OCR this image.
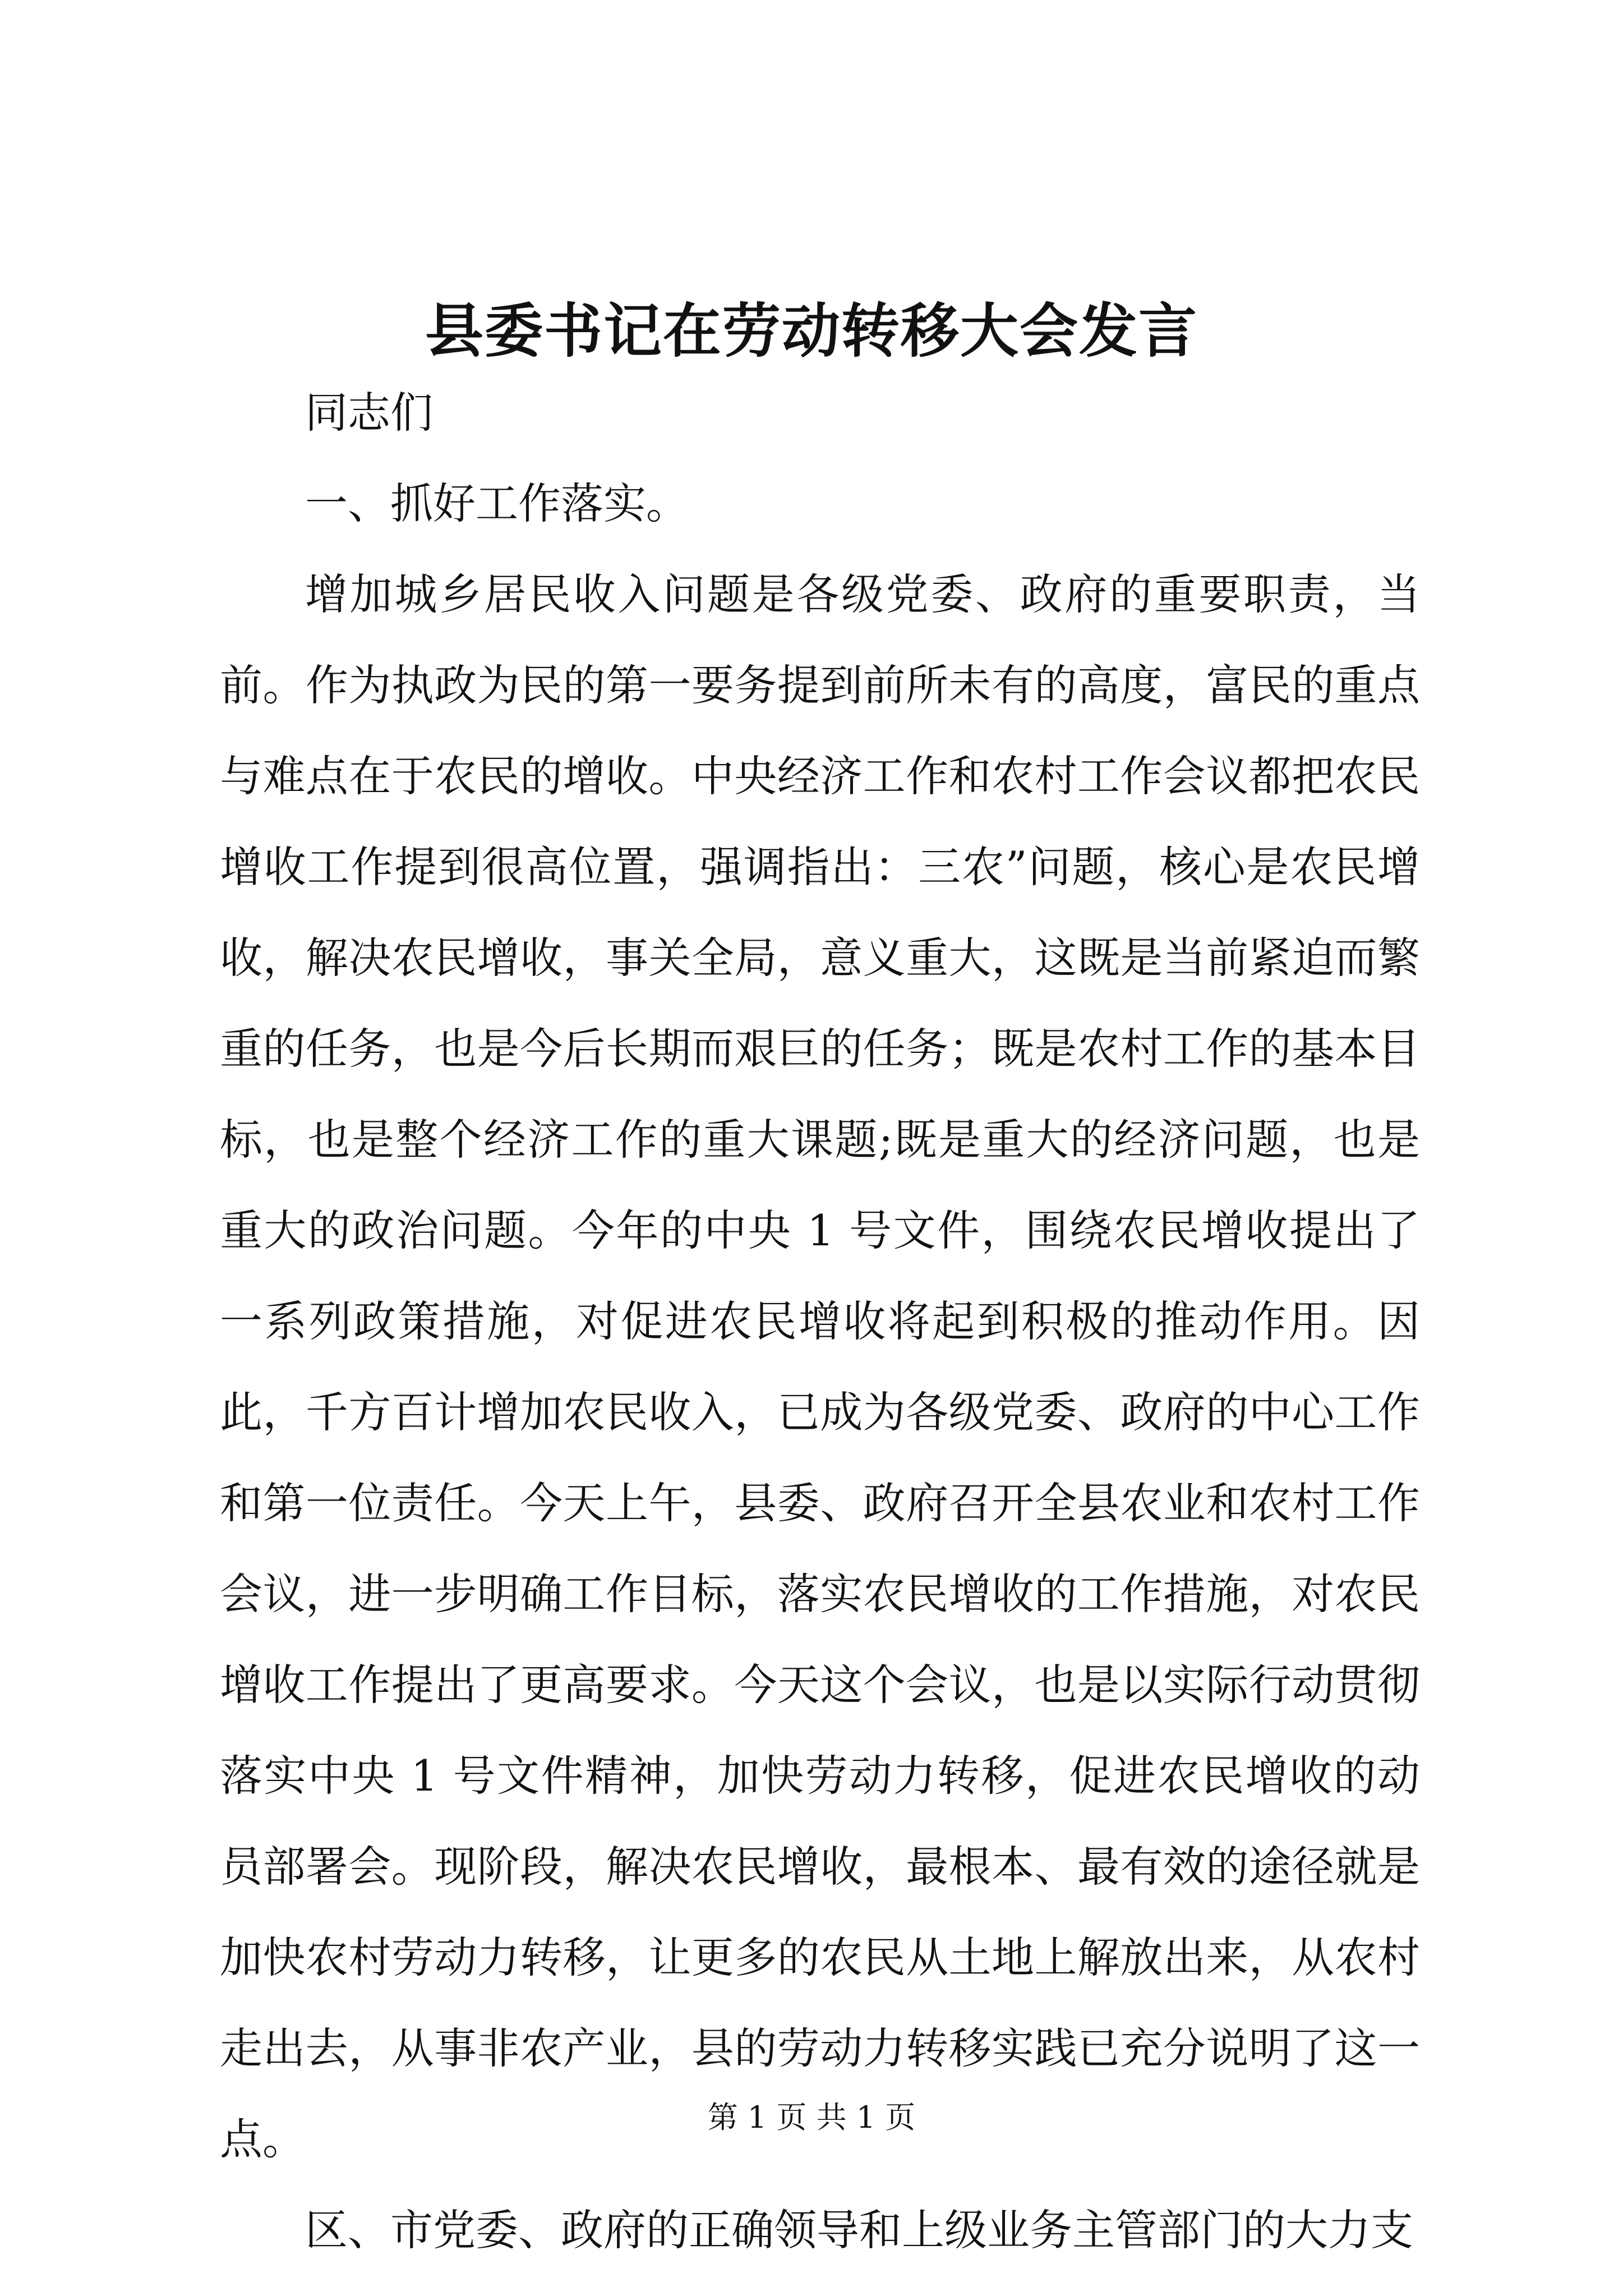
县委书记在劳动转移大会发言

同志们

一、抓好工作落实。

增加城乡居民收入问题是各级党委、政府的重要职责，当前。作为执政为民的第一要务提到前所未有的高度，富民的重点与难点在于农民的增收。中央经济工作和农村工作会议都把农民增收工作提到很高位置，强调指出：三农”问题，核心是农民增收，解决农民增收，事关全局，意义重大，这既是当前紧迫而繁重的任务，也是今后长期而艰巨的任务；既是农村工作的基本目标，也是整个经济工作的重大课题;既是重大的经济问题，也是重大的政治问题。今年的中央 1 号文件，围绕农民增收提出了一系列政策措施，对促进农民增收将起到积极的推动作用。因此，千方百计增加农民收入，已成为各级党委、政府的中心工作和第一位责任。今天上午，县委、政府召开全县农业和农村工作会议，进一步明确工作目标，落实农民增收的工作措施，对农民增收工作提出了更高要求。今天这个会议，也是以实际行动贯彻落实中央 1 号文件精神，加快劳动力转移，促进农民增收的动员部署会。现阶段，解决农民增收，最根本、最有效的途径就是加快农村劳动力转移，让更多的农民从土地上解放出来，从农村走出去，从事非农产业，县的劳动力转移实践已充分说明了这一点。

区、市党委、政府的正确领导和上级业务主管部门的大力支

第 1 页 共 1 页
